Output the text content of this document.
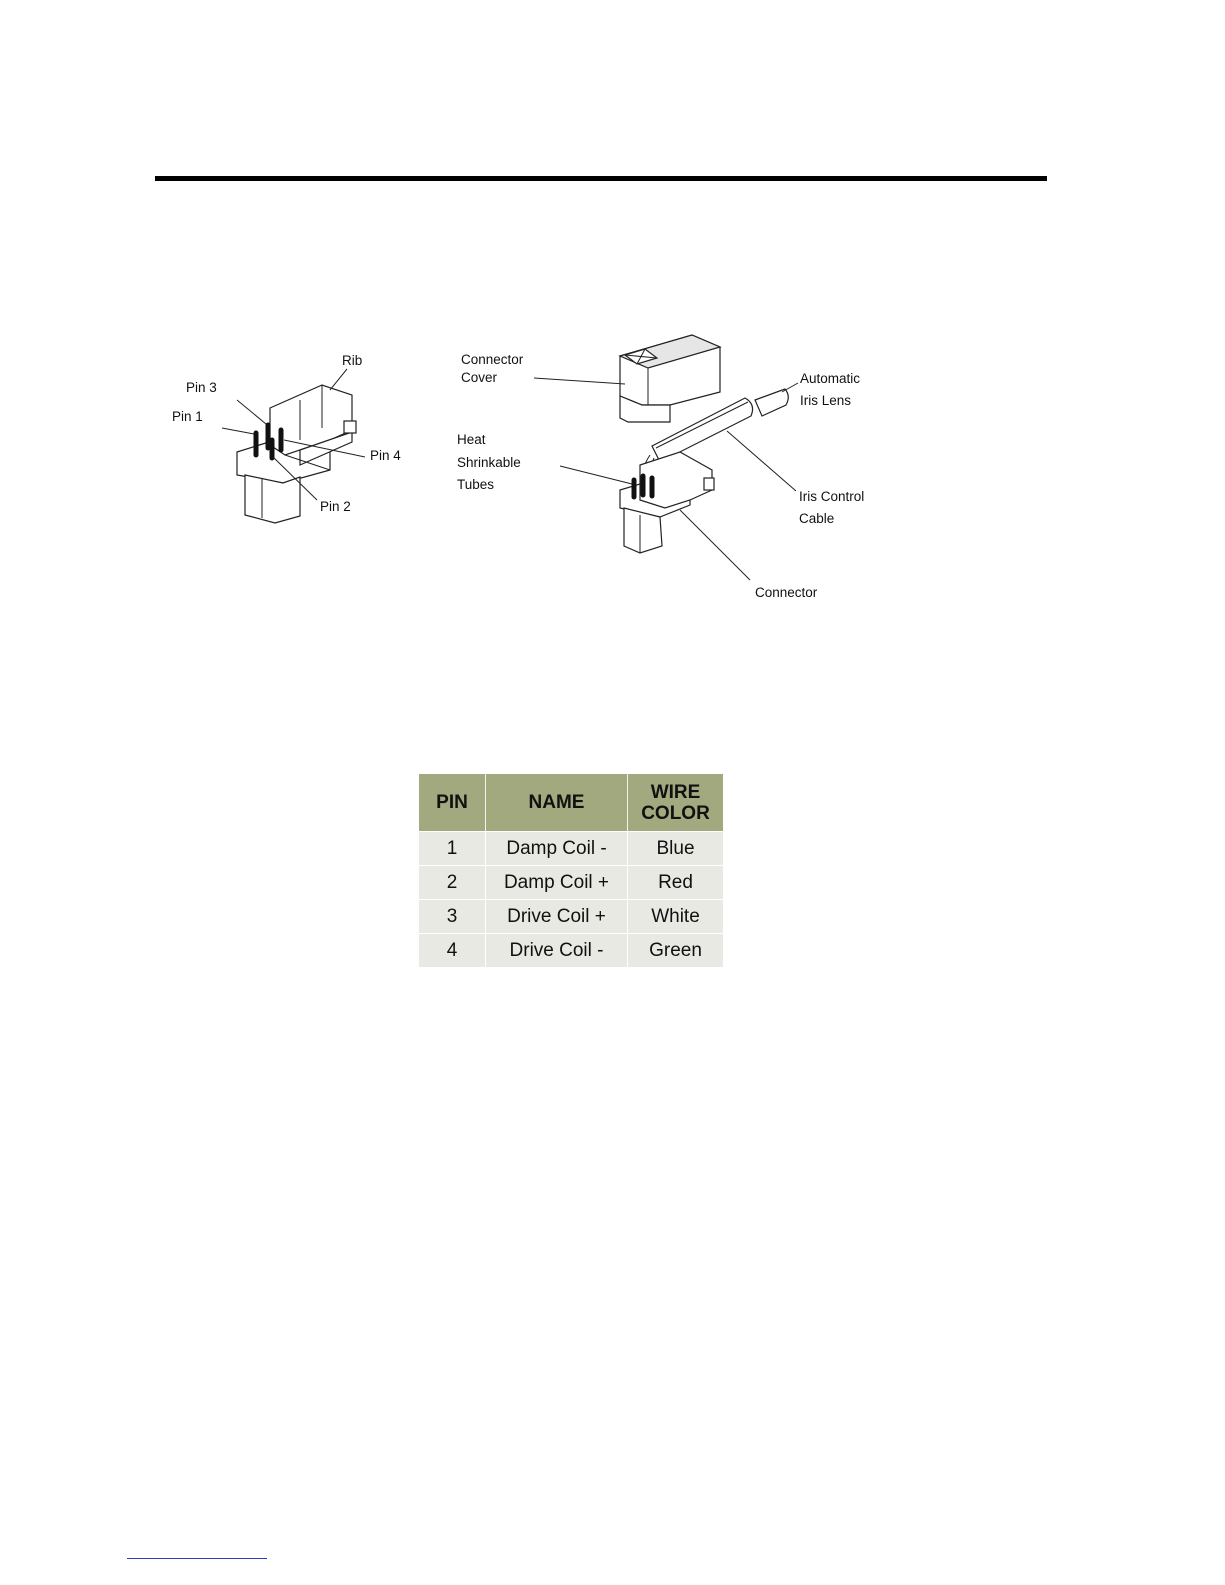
Rib
Pin 3
Pin 1
Pin 4
Pin 2
Connector
Cover	Automatic
Iris Lens
Heat
Shrinkable
Tubes
Iris Control
Cable
Connector
PIN	NAME	WIRE
COLOR
1	Damp Coil -	Blue
2	Damp Coil +	Red
3	Drive Coil +	White
4	Drive Coil -	Green
